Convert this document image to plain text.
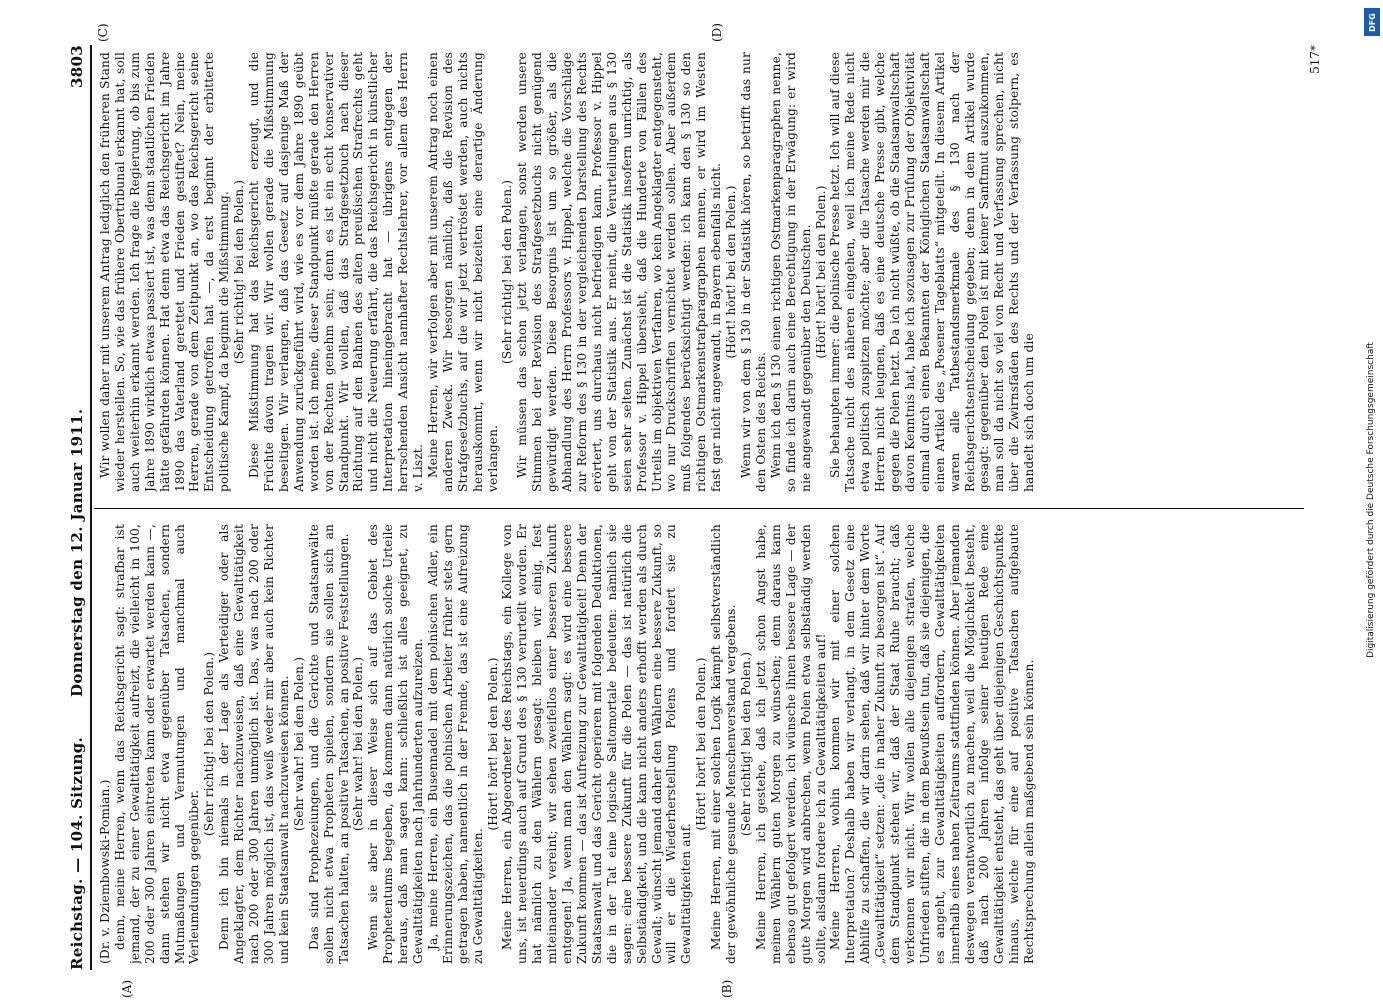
Reichstag. — 104. Sitzung.
Donnerstag den 12. Januar 1911.
3803

(Dr. v. Dziembowski-Pomian.) denn, meine Herren, wenn das Reichsgericht sagt: strafbar ist jemand, der zu einer Gewalttätigkeit aufreizt, die vielleicht in 100, 200 oder 300 Jahren eintreten kann oder erwartet werden kann —, dann stehen wir nicht etwa gegenüber Tatsachen, sondern Mutmaßungen und Vermutungen und manchmal auch Verleumdungen gegenüber.

(Sehr richtig! bei den Polen.) Denn ich bin niemals in der Lage als Verteidiger oder als Angeklagter, dem Richter nachzuweisen, daß eine Gewalttätigkeit nach 200 oder 300 Jahren unmöglich ist. Das, was nach 200 oder 300 Jahren möglich ist, das weiß weder mir aber auch kein Richter und kein Staatsanwalt nachzuweisen können. (Sehr wahr! bei den Polen.) Das sind Prophezeiungen, und die Gerichte und Staatsanwälte sollen nicht etwa Propheten spielen, sondern sie sollen sich an Tatsachen halten, an positive Tatsachen, an positive Feststellungen. (Sehr wahr! bei den Polen.) Wenn sie aber in dieser Weise sich auf das Gebiet des Prophetentums begeben, da kommen dann natürlich solche Urteile heraus, daß man sagen kann: schließlich ist alles geeignet, zu Gewalttätigkeiten nach Jahrhunderten aufzureizen. Ja, meine Herren, ein Busennadel mit dem polnischen Adler, ein Erinnerungszeichen, das die polnischen Arbeiter früher stets gern getragen haben, namentlich in der Fremde, das ist eine Aufreizung zu Gewalttätigkeiten.

(Hört! hört! bei den Polen.) Meine Herren, ein Abgeordneter des Reichstags, ein Kollege von uns, ist neuerdings auch auf Grund des § 130 verurteilt worden. Er hat nämlich zu den Wählern gesagt: bleiben wir einig, fest miteinander vereint; wir sehen zweifellos einer besseren Zukunft entgegen! Ja, wenn man den Wählern sagt: es wird eine bessere Zukunft kommen — das ist Aufreizung zur Gewalttätigkeit! Denn der Staatsanwalt und das Gericht operieren mit folgenden Deduktionen, die in der Tat eine logische Saltomortale bedeuten: nämlich sie sagen: eine bessere Zukunft für die Polen — das ist natürlich die Selbständigkeit, und die kann nicht anders erhofft werden als durch Gewalt; wünscht jemand daher den Wählern eine bessere Zukunft, so will er die Wiederherstellung Polens und fordert sie zu Gewalttätigkeiten auf.

(Hört! hört! bei den Polen.) Meine Herren, mit einer solchen Logik kämpft selbstverständlich der gewöhnliche gesunde Menschenverstand vergebens. (Sehr richtig! bei den Polen.) Meine Herren, ich gestehe, daß ich jetzt schon Angst habe, meinen Wählern guten Morgen zu wünschen; denn daraus kann ebenso gut gefolgert werden, ich wünsche ihnen bessere Lage — der gute Morgen wird anbrechen, wenn Polen etwa selbständig werden sollte, alsdann fordere ich zu Gewalttätigkeiten auf! Meine Herren, wohin kommen wir mit einer solchen Interpretation? Deshalb haben wir verlangt, in dem Gesetz eine Abhilfe zu schaffen, die wir darin sehen, daß wir hinter dem Worte „Gewalttätigkeit“ setzen: „die in naher Zukunft zu besorgen ist“. Auf dem Standpunkt stehen wir, daß der Staat Ruhe braucht; daß verkennen wir nicht. Wir wollen alle diejenigen strafen, welche Unfrieden stiften, die in dem Bewußtsein tun, daß sie diejenigen, die es angeht, zur Gewalttätigkeiten auffordern, Gewalttätigkeiten innerhalb eines nahen Zeitraums stattfinden können. Aber jemanden deswegen verantwortlich zu machen, weil die Möglichkeit besteht, daß nach 200 Jahren infolge seiner heutigen Rede eine Gewalttätigkeit entsteht, das geht über diejenigen Geschichtspunkte hinaus, welche für eine auf positive Tatsachen aufgebaute Rechtsprechung allein maßgebend sein können.

Wir wollen daher mit unserem Antrag lediglich den früheren Stand wieder herstellen. So, wie das frühere Obertribunal erkannt hat, soll auch weiterhin erkannt werden. Ich frage die Regierung, ob bis zum Jahre 1890 wirklich etwas passiert ist, was denn staatlichen Frieden hätte gefährden können. Hat denn etwa das Reichsgericht im Jahre 1890 das Vaterland gerettet und Frieden gestiftet? Nein, meine Herren, gerade von dem Zeitpunkt an, wo das Reichsgericht seine Entscheidung getroffen hat —, da erst beginnt der erbitterte politische Kampf, da beginnt die Mißstimmung. (Sehr richtig! bei den Polen.) Diese Mißstimmung hat das Reichsgericht erzeugt, und die Früchte davon tragen wir. Wir wollen gerade die Mißstimmung beseitigen. Wir verlangen, daß das Gesetz auf dasjenige Maß der Anwendung zurückgeführt wird, wie es vor dem Jahre 1890 geübt worden ist. Ich meine, dieser Standpunkt müßte gerade den Herren von der Rechten genehm sein; denn es ist ein echt konservativer Standpunkt. Wir wollen, daß das Strafgesetzbuch nach dieser Richtung auf den Bahnen des alten preußischen Strafrechts geht und nicht die Neuerung erfährt, die das Reichsgericht in künstlicher Interpretation hineingebracht hat — übrigens entgegen der herrschenden Ansicht namhafter Rechtslehrer, vor allem des Herrn v. Liszt. Meine Herren, wir verfolgen aber mit unserem Antrag noch einen anderen Zweck. Wir besorgen nämlich, daß die Revision des Strafgesetzbuchs, auf die wir jetzt vertröstet werden, auch nichts herauskommt, wenn wir nicht beizeiten eine derartige Änderung verlangen.

(Sehr richtig! bei den Polen.) Wir müssen das schon jetzt verlangen, sonst werden unsere Stimmen bei der Revision des Strafgesetzbuchs nicht genügend gewürdigt werden. Diese Besorgnis ist um so größer, als die Abhandlung des Herrn Professors v. Hippel, welche die Vorschläge zur Reform des § 130 in der vergleichenden Darstellung des Rechts erörtert, uns durchaus nicht befriedigen kann. Professor v. Hippel geht von der Statistik aus. Er meint, die Verurteilungen aus § 130 seien sehr selten. Zunächst ist die Statistik insofern unrichtig, als Professor v. Hippel übersieht, daß die Hunderte von Fällen des Urteils im objektiven Verfahren, wo kein Angeklagter entgegensteht, wo nur Druckschriften vernichtet werden sollen. Aber außerdem muß folgendes berücksichtigt werden: ich kann den § 130 so den richtigen Ostmarkenstrafparagraphen nennen, er wird im Westen fast gar nicht angewandt, in Bayern ebenfalls nicht. (Hört! hört! bei den Polen.) Wenn wir von dem § 130 in der Statistik hören, so betrifft das nur den Osten des Reichs. Wenn ich den § 130 einen richtigen Ostmarkenparagraphen nenne, so finde ich darin auch eine Berechtigung in der Erwägung: er wird nie angewandt gegenüber den Deutschen. (Hört! hört! bei den Polen.) Sie behaupten immer: die polnische Presse hetzt. Ich will auf diese Tatsache nicht des näheren eingehen, weil ich meine Rede nicht etwa politisch zuspitzen möchte; aber die Tatsache werden mir die Herren nicht leugnen, daß es eine deutsche Presse gibt, welche gegen die Polen hetzt. Da ich nicht wüßte, ob die Staatsanwaltschaft davon Kenntnis hat, habe ich sozusagen zur Prüfung der Objektivität einmal durch einen Bekannten der Königlichen Staatsanwaltschaft einen Artikel des „Posener Tageblatts“ mitgeteilt. In diesem Artikel waren alle Tatbestandsmerkmale des § 130 nach der Reichsgerichtsentscheidung gegeben; denn in dem Artikel wurde gesagt: gegenüber den Polen ist mit keiner Sanftmut auszukommen, man soll da nicht so viel von Recht und Verfassung sprechen, nicht über die Zwirnsfäden des Rechts und der Verfassung stolpern, es handelt sich doch um die

(A)	(B)
(C)	(D)
517*
Digitalisierung gefördert durch die Deutsche Forschungsgemeinschaft
DFG
